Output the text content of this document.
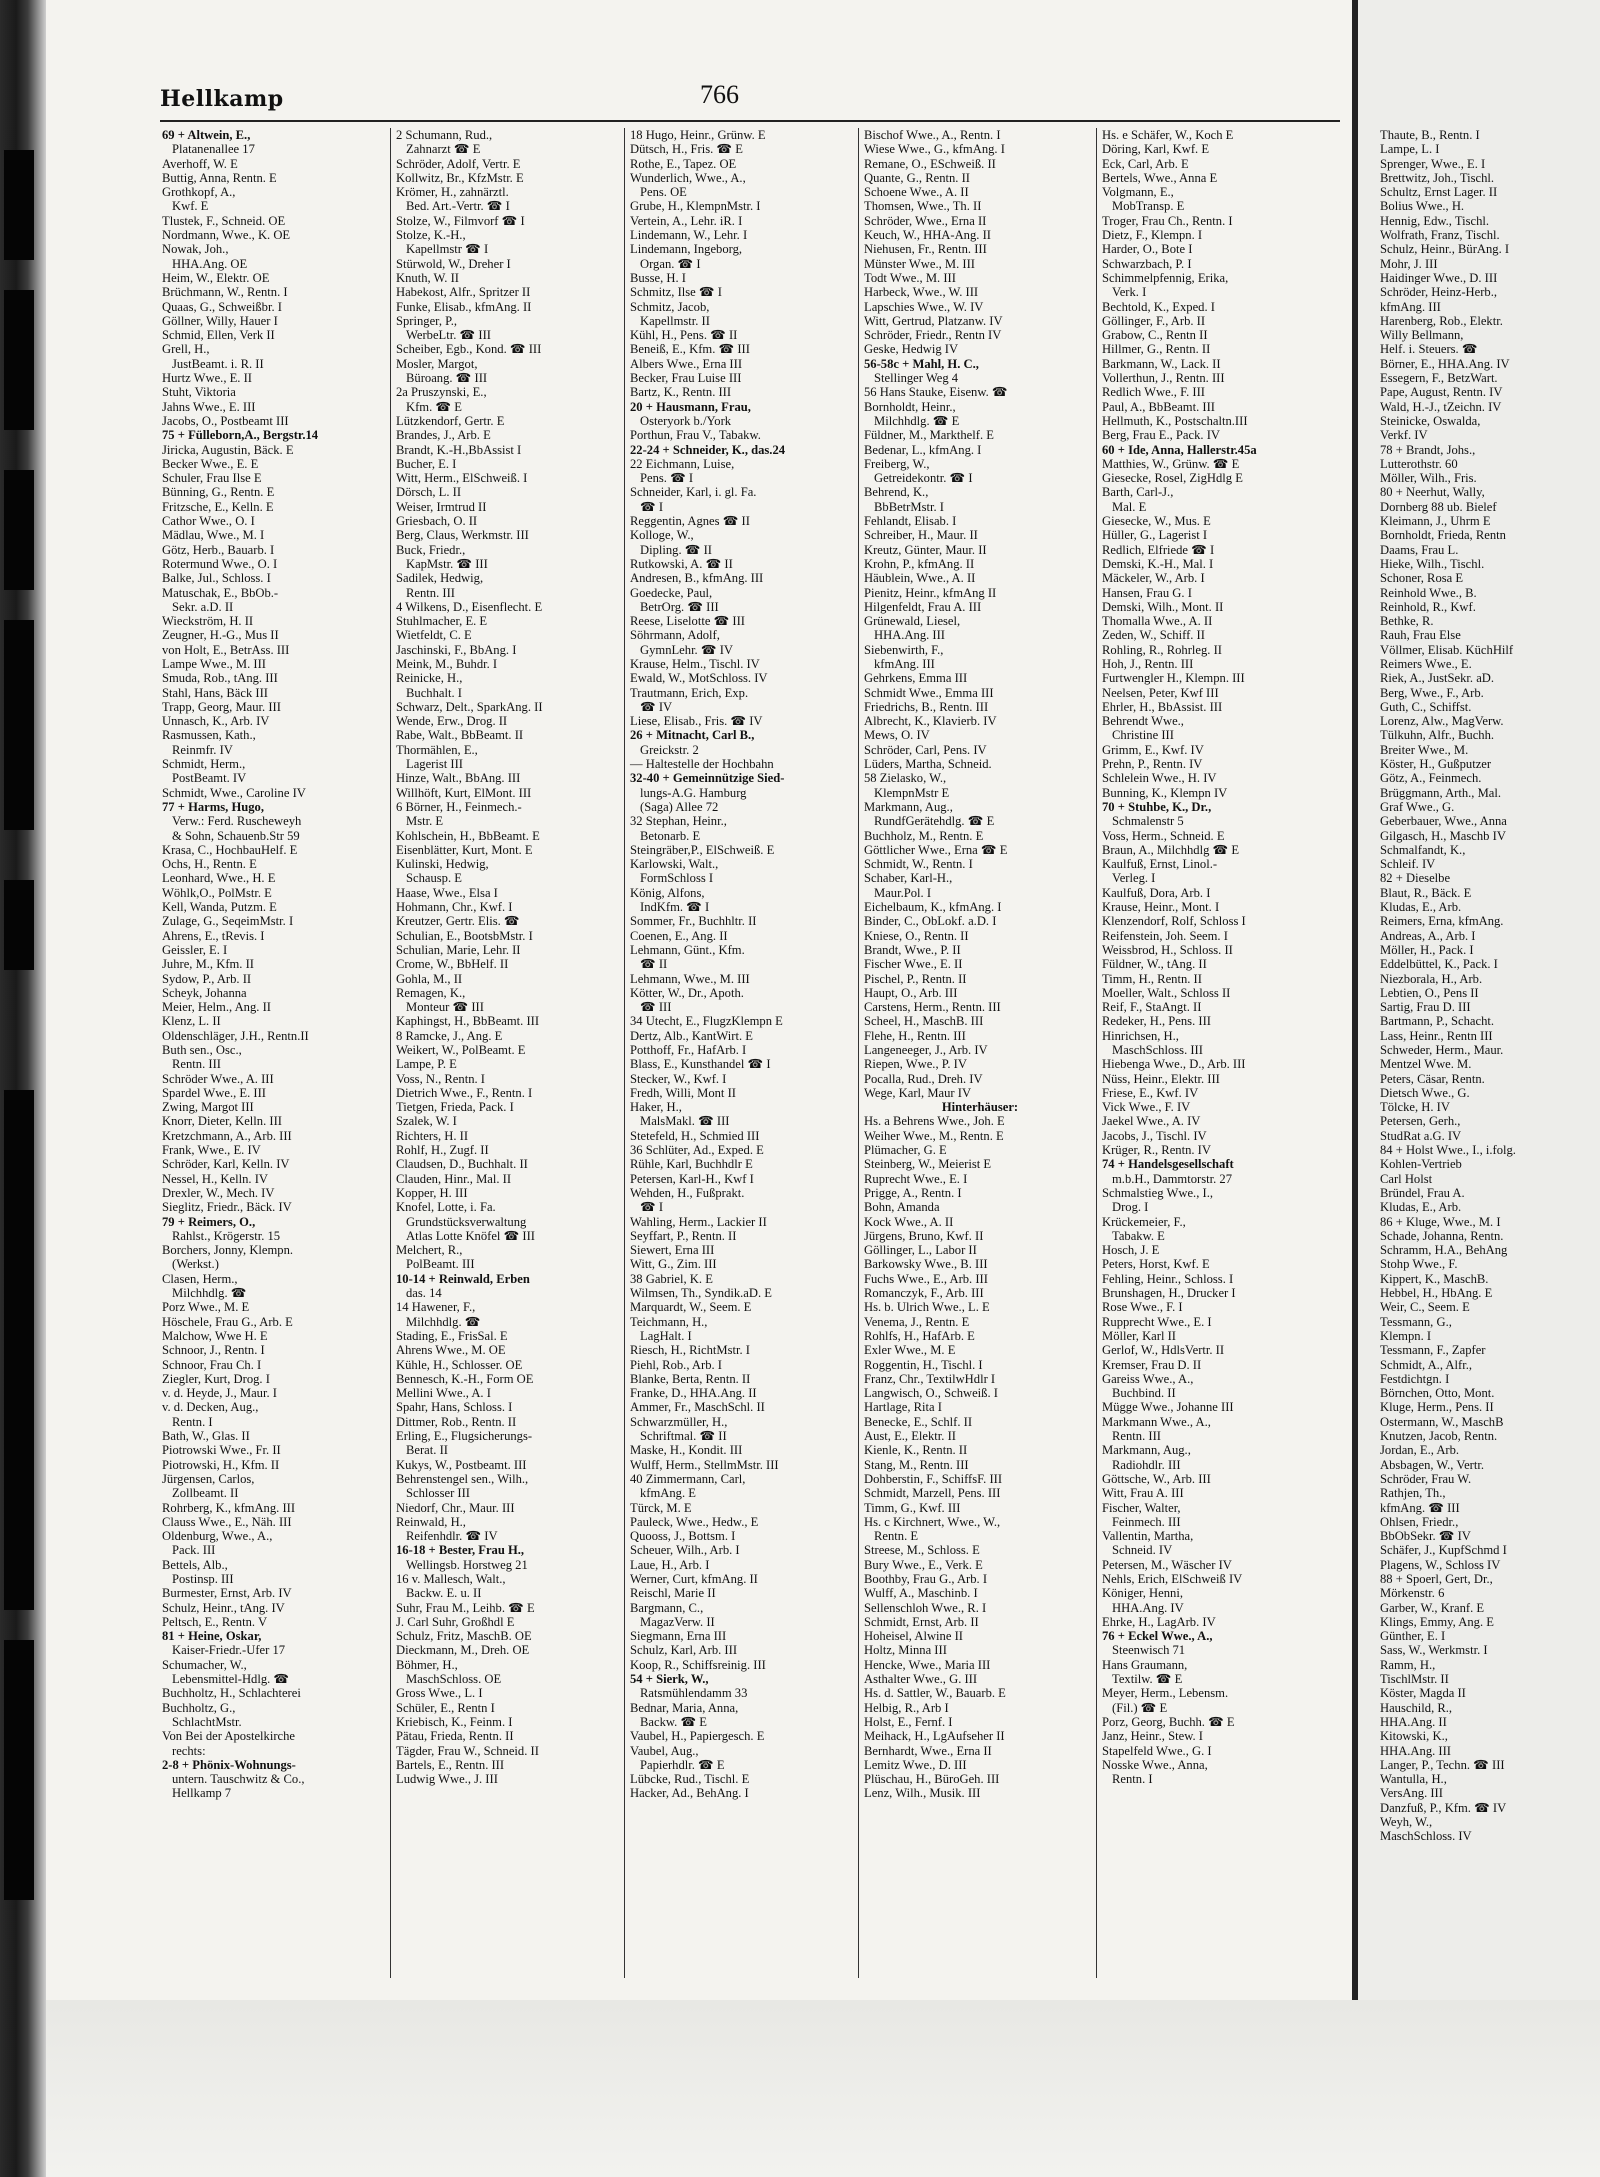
Hellkamp	766
69 + Altwein, E.,
Platanenallee 17
Averhoff, W. E
Buttig, Anna, Rentn. E
Grothkopf, A.,
Kwf. E
Tlustek, F., Schneid. OE
Nordmann, Wwe., K. OE
Nowak, Joh.,
HHA.Ang. OE
Heim, W., Elektr. OE
Brüchmann, W., Rentn. I
Quaas, G., Schweißbr. I
Göllner, Willy, Hauer I
Schmid, Ellen, Verk II
Grell, H.,
JustBeamt. i. R. II
Hurtz Wwe., E. II
Stuht, Viktoria
Jahns Wwe., E. III
Jacobs, O., Postbeamt III
75 + Fülleborn,A., Bergstr.14
Jiricka, Augustin, Bäck. E
Becker Wwe., E. E
Schuler, Frau Ilse E
Bünning, G., Rentn. E
Fritzsche, E., Kelln. E
Cathor Wwe., O. I
Mädlau, Wwe., M. I
Götz, Herb., Bauarb. I
Rotermund Wwe., O. I
Balke, Jul., Schloss. I
Matuschak, E., BbOb.-
Sekr. a.D. II
Wieckström, H. II
Zeugner, H.-G., Mus II
von Holt, E., BetrAss. III
Lampe Wwe., M. III
Smuda, Rob., tAng. III
Stahl, Hans, Bäck III
Trapp, Georg, Maur. III
Unnasch, K., Arb. IV
Rasmussen, Kath.,
Reinmfr. IV
Schmidt, Herm.,
PostBeamt. IV
Schmidt, Wwe., Caroline IV
77 + Harms, Hugo,
Verw.: Ferd. Ruscheweyh
& Sohn, Schauenb.Str 59
Krasa, C., HochbauHelf. E
Ochs, H., Rentn. E
Leonhard, Wwe., H. E
Wöhlk,O., PolMstr. E
Kell, Wanda, Putzm. E
Zulage, G., SeqeimMstr. I
Ahrens, E., tRevis. I
Geissler, E. I
Juhre, M., Kfm. II
Sydow, P., Arb. II
Scheyk, Johanna
Meier, Helm., Ang. II
Klenz, L. II
Oldenschläger, J.H., Rentn.II
Buth sen., Osc.,
Rentn. III
Schröder Wwe., A. III
Spardel Wwe., E. III
Zwing, Margot III
Knorr, Dieter, Kelln. III
Kretzchmann, A., Arb. III
Frank, Wwe., E. IV
Schröder, Karl, Kelln. IV
Nessel, H., Kelln. IV
Drexler, W., Mech. IV
Sieglitz, Friedr., Bäck. IV
79 + Reimers, O.,
Rahlst., Krögerstr. 15
Borchers, Jonny, Klempn.
(Werkst.)
Clasen, Herm.,
Milchhdlg. ☎
Porz Wwe., M. E
Höschele, Frau G., Arb. E
Malchow, Wwe H. E
Schnoor, J., Rentn. I
Schnoor, Frau Ch. I
Ziegler, Kurt, Drog. I
v. d. Heyde, J., Maur. I
v. d. Decken, Aug.,
Rentn. I
Bath, W., Glas. II
Piotrowski Wwe., Fr. II
Piotrowski, H., Kfm. II
Jürgensen, Carlos,
Zollbeamt. II
Rohrberg, K., kfmAng. III
Clauss Wwe., E., Näh. III
Oldenburg, Wwe., A.,
Pack. III
Bettels, Alb.,
Postinsp. III
Burmester, Ernst, Arb. IV
Schulz, Heinr., tAng. IV
Peltsch, E., Rentn. V
81 + Heine, Oskar,
Kaiser-Friedr.-Ufer 17
Schumacher, W.,
Lebensmittel-Hdlg. ☎
Buchholtz, H., Schlachterei
Buchholtz, G.,
SchlachtMstr.
Von Bei der Apostelkirche
rechts:
2-8 + Phönix-Wohnungs-
untern. Tauschwitz & Co.,
Hellkamp 7
2 Schumann, Rud.,
Zahnarzt ☎ E
Schröder, Adolf, Vertr. E
Kollwitz, Br., KfzMstr. E
Krömer, H., zahnärztl.
Bed. Art.-Vertr. ☎ I
Stolze, W., Filmvorf ☎ I
Stolze, K.-H.,
Kapellmstr ☎ I
Stürwold, W., Dreher I
Knuth, W. II
Habekost, Alfr., Spritzer II
Funke, Elisab., kfmAng. II
Springer, P.,
WerbeLtr. ☎ III
Scheiber, Egb., Kond. ☎ III
Mosler, Margot,
Büroang. ☎ III
2a Pruszynski, E.,
Kfm. ☎ E
Lützkendorf, Gertr. E
Brandes, J., Arb. E
Brandt, K.-H.,BbAssist I
Bucher, E. I
Witt, Herm., ElSchweiß. I
Dörsch, L. II
Weiser, Irmtrud II
Griesbach, O. II
Berg, Claus, Werkmstr. III
Buck, Friedr.,
KapMstr. ☎ III
Sadilek, Hedwig,
Rentn. III
4 Wilkens, D., Eisenflecht. E
Stuhlmacher, E. E
Wietfeldt, C. E
Jaschinski, F., BbAng. I
Meink, M., Buhdr. I
Reinicke, H.,
Buchhalt. I
Schwarz, Delt., SparkAng. II
Wende, Erw., Drog. II
Rabe, Walt., BbBeamt. II
Thormählen, E.,
Lagerist III
Hinze, Walt., BbAng. III
Willhöft, Kurt, ElMont. III
6 Börner, H., Feinmech.-
Mstr. E
Kohlschein, H., BbBeamt. E
Eisenblätter, Kurt, Mont. E
Kulinski, Hedwig,
Schausp. E
Haase, Wwe., Elsa I
Hohmann, Chr., Kwf. I
Kreutzer, Gertr. Elis. ☎
Schulian, E., BootsbMstr. I
Schulian, Marie, Lehr. II
Crome, W., BbHelf. II
Gohla, M., II
Remagen, K.,
Monteur ☎ III
Kaphingst, H., BbBeamt. III
8 Ramcke, J., Ang. E
Weikert, W., PolBeamt. E
Lampe, P. E
Voss, N., Rentn. I
Dietrich Wwe., F., Rentn. I
Tietgen, Frieda, Pack. I
Szalek, W. I
Richters, H. II
Rohlf, H., Zugf. II
Claudsen, D., Buchhalt. II
Clauden, Hinr., Mal. II
Kopper, H. III
Knofel, Lotte, i. Fa.
Grundstücksverwaltung
Atlas Lotte Knöfel ☎ III
Melchert, R.,
PolBeamt. III
10-14 + Reinwald, Erben
das. 14
14 Hawener, F.,
Milchhdlg. ☎
Stading, E., FrisSal. E
Ahrens Wwe., M. OE
Kühle, H., Schlosser. OE
Bennesch, K.-H., Form OE
Mellini Wwe., A. I
Spahr, Hans, Schloss. I
Dittmer, Rob., Rentn. II
Erling, E., Flugsicherungs-
Berat. II
Kukys, W., Postbeamt. III
Behrenstengel sen., Wilh.,
Schlosser III
Niedorf, Chr., Maur. III
Reinwald, H.,
Reifenhdlr. ☎ IV
16-18 + Bester, Frau H.,
Wellingsb. Horstweg 21
16 v. Mallesch, Walt.,
Backw. E. u. II
Suhr, Frau M., Leihb. ☎ E
J. Carl Suhr, Großhdl E
Schulz, Fritz, MaschB. OE
Dieckmann, M., Dreh. OE
Böhmer, H.,
MaschSchloss. OE
Gross Wwe., L. I
Schüler, E., Rentn I
Kriebisch, K., Feinm. I
Pätau, Frieda, Rentn. II
Tägder, Frau W., Schneid. II
Bartels, E., Rentn. III
Ludwig Wwe., J. III
18 Hugo, Heinr., Grünw. E
Dütsch, H., Fris. ☎ E
Rothe, E., Tapez. OE
Wunderlich, Wwe., A.,
Pens. OE
Grube, H., KlempnMstr. I
Vertein, A., Lehr. iR. I
Lindemann, W., Lehr. I
Lindemann, Ingeborg,
Organ. ☎ I
Busse, H. I
Schmitz, Ilse ☎ I
Schmitz, Jacob,
Kapellmstr. II
Kühl, H., Pens. ☎ II
Beneiß, E., Kfm. ☎ III
Albers Wwe., Erna III
Becker, Frau Luise III
Bartz, K., Rentn. III
20 + Hausmann, Frau,
Osteryork b./York
Porthun, Frau V., Tabakw.
22-24 + Schneider, K., das.24
22 Eichmann, Luise,
Pens. ☎ I
Schneider, Karl, i. gl. Fa.
☎ I
Reggentin, Agnes ☎ II
Kolloge, W.,
Dipling. ☎ II
Rutkowski, A. ☎ II
Andresen, B., kfmAng. III
Goedecke, Paul,
BetrOrg. ☎ III
Reese, Liselotte ☎ III
Söhrmann, Adolf,
GymnLehr. ☎ IV
Krause, Helm., Tischl. IV
Ewald, W., MotSchloss. IV
Trautmann, Erich, Exp.
☎ IV
Liese, Elisab., Fris. ☎ IV
26 + Mitnacht, Carl B.,
Greickstr. 2
— Haltestelle der Hochbahn
32-40 + Gemeinnützige Sied-
lungs-A.G. Hamburg
(Saga) Allee 72
32 Stephan, Heinr.,
Betonarb. E
Steingräber,P., ElSchweiß. E
Karlowski, Walt.,
FormSchloss I
König, Alfons,
IndKfm. ☎ I
Sommer, Fr., Buchhltr. II
Coenen, E., Ang. II
Lehmann, Günt., Kfm.
☎ II
Lehmann, Wwe., M. III
Kötter, W., Dr., Apoth.
☎ III
34 Utecht, E., FlugzKlempn E
Dertz, Alb., KantWirt. E
Potthoff, Fr., HafArb. I
Blass, E., Kunsthandel ☎ I
Stecker, W., Kwf. I
Fredh, Willi, Mont II
Haker, H.,
MalsMakl. ☎ III
Stetefeld, H., Schmied III
36 Schlüter, Ad., Exped. E
Rühle, Karl, Buchhdlr E
Petersen, Karl-H., Kwf I
Wehden, H., Fußprakt.
☎ I
Wahling, Herm., Lackier II
Seyffart, P., Rentn. II
Siewert, Erna III
Witt, G., Zim. III
38 Gabriel, K. E
Wilmsen, Th., Syndik.aD. E
Marquardt, W., Seem. E
Teichmann, H.,
LagHalt. I
Riesch, H., RichtMstr. I
Piehl, Rob., Arb. I
Blanke, Berta, Rentn. II
Franke, D., HHA.Ang. II
Ammer, Fr., MaschSchl. II
Schwarzmüller, H.,
Schriftmal. ☎ II
Maske, H., Kondit. III
Wulff, Herm., StellmMstr. III
40 Zimmermann, Carl,
kfmAng. E
Türck, M. E
Pauleck, Wwe., Hedw., E
Quooss, J., Bottsm. I
Scheuer, Wilh., Arb. I
Laue, H., Arb. I
Werner, Curt, kfmAng. II
Reischl, Marie II
Bargmann, C.,
MagazVerw. II
Siegmann, Erna III
Schulz, Karl, Arb. III
Koop, R., Schiffsreinig. III
54 + Sierk, W.,
Ratsmühlendamm 33
Bednar, Maria, Anna,
Backw. ☎ E
Vaubel, H., Papiergesch. E
Vaubel, Aug.,
Papierhdlr. ☎ E
Lübcke, Rud., Tischl. E
Hacker, Ad., BehAng. I
Bischof Wwe., A., Rentn. I
Wiese Wwe., G., kfmAng. I
Remane, O., ESchweiß. II
Quante, G., Rentn. II
Schoene Wwe., A. II
Thomsen, Wwe., Th. II
Schröder, Wwe., Erna II
Keuch, W., HHA-Ang. II
Niehusen, Fr., Rentn. III
Münster Wwe., M. III
Todt Wwe., M. III
Harbeck, Wwe., W. III
Lapschies Wwe., W. IV
Witt, Gertrud, Platzanw. IV
Schröder, Friedr., Rentn IV
Geske, Hedwig IV
56-58c + Mahl, H. C.,
Stellinger Weg 4
56 Hans Stauke, Eisenw. ☎
Bornholdt, Heinr.,
Milchhdlg. ☎ E
Füldner, M., Markthelf. E
Bedenar, L., kfmAng. I
Freiberg, W.,
Getreidekontr. ☎ I
Behrend, K.,
BbBetrMstr. I
Fehlandt, Elisab. I
Schreiber, H., Maur. II
Kreutz, Günter, Maur. II
Krohn, P., kfmAng. II
Häublein, Wwe., A. II
Pienitz, Heinr., kfmAng II
Hilgenfeldt, Frau A. III
Grünewald, Liesel,
HHA.Ang. III
Siebenwirth, F.,
kfmAng. III
Gehrkens, Emma III
Schmidt Wwe., Emma III
Friedrichs, B., Rentn. III
Albrecht, K., Klavierb. IV
Mews, O. IV
Schröder, Carl, Pens. IV
Lüders, Martha, Schneid.
58 Zielasko, W.,
KlempnMstr E
Markmann, Aug.,
RundfGerätehdlg. ☎ E
Buchholz, M., Rentn. E
Göttlicher Wwe., Erna ☎ E
Schmidt, W., Rentn. I
Schaber, Karl-H.,
Maur.Pol. I
Eichelbaum, K., kfmAng. I
Binder, C., ObLokf. a.D. I
Kniese, O., Rentn. II
Brandt, Wwe., P. II
Fischer Wwe., E. II
Pischel, P., Rentn. II
Haupt, O., Arb. III
Carstens, Herm., Rentn. III
Scheel, H., MaschB. III
Flehe, H., Rentn. III
Langeneeger, J., Arb. IV
Riepen, Wwe., P. IV
Pocalla, Rud., Dreh. IV
Wege, Karl, Maur IV
Hinterhäuser:
Hs. a Behrens Wwe., Joh. E
Weiher Wwe., M., Rentn. E
Plümacher, G. E
Steinberg, W., Meierist E
Ruprecht Wwe., E. I
Prigge, A., Rentn. I
Bohn, Amanda
Kock Wwe., A. II
Jürgens, Bruno, Kwf. II
Göllinger, L., Labor II
Barkowsky Wwe., B. III
Fuchs Wwe., E., Arb. III
Romanczyk, F., Arb. III
Hs. b. Ulrich Wwe., L. E
Venema, J., Rentn. E
Rohlfs, H., HafArb. E
Exler Wwe., M. E
Roggentin, H., Tischl. I
Franz, Chr., TextilwHdlr I
Langwisch, O., Schweiß. I
Hartlage, Rita I
Benecke, E., Schlf. II
Aust, E., Elektr. II
Kienle, K., Rentn. II
Stang, M., Rentn. III
Dohberstin, F., SchiffsF. III
Schmidt, Marzell, Pens. III
Timm, G., Kwf. III
Hs. c Kirchnert, Wwe., W.,
Rentn. E
Streese, M., Schloss. E
Bury Wwe., E., Verk. E
Boothby, Frau G., Arb. I
Wulff, A., Maschinb. I
Sellenschloh Wwe., R. I
Schmidt, Ernst, Arb. II
Hoheisel, Alwine II
Holtz, Minna III
Hencke, Wwe., Maria III
Asthalter Wwe., G. III
Hs. d. Sattler, W., Bauarb. E
Helbig, R., Arb I
Holst, E., Fernf. I
Meihack, H., LgAufseher II
Bernhardt, Wwe., Erna II
Lemitz Wwe., D. III
Plüschau, H., BüroGeh. III
Lenz, Wilh., Musik. III
Hs. e Schäfer, W., Koch E
Döring, Karl, Kwf. E
Eck, Carl, Arb. E
Bertels, Wwe., Anna E
Volgmann, E.,
MobTransp. E
Troger, Frau Ch., Rentn. I
Dietz, F., Klempn. I
Harder, O., Bote I
Schwarzbach, P. I
Schimmelpfennig, Erika,
Verk. I
Bechtold, K., Exped. I
Göllinger, F., Arb. II
Grabow, C., Rentn II
Hillmer, G., Rentn. II
Barkmann, W., Lack. II
Vollerthun, J., Rentn. III
Redlich Wwe., F. III
Paul, A., BbBeamt. III
Hellmuth, K., Postschaltn.III
Berg, Frau E., Pack. IV
60 + Ide, Anna, Hallerstr.45a
Matthies, W., Grünw. ☎ E
Giesecke, Rosel, ZigHdlg E
Barth, Carl-J.,
Mal. E
Giesecke, W., Mus. E
Hüller, G., Lagerist I
Redlich, Elfriede ☎ I
Demski, K.-H., Mal. I
Mäckeler, W., Arb. I
Hansen, Frau G. I
Demski, Wilh., Mont. II
Thomalla Wwe., A. II
Zeden, W., Schiff. II
Rohling, R., Rohrleg. II
Hoh, J., Rentn. III
Furtwengler H., Klempn. III
Neelsen, Peter, Kwf III
Ehrler, H., BbAssist. III
Behrendt Wwe.,
Christine III
Grimm, E., Kwf. IV
Prehn, P., Rentn. IV
Schlelein Wwe., H. IV
Bunning, K., Klempn IV
70 + Stuhbe, K., Dr.,
Schmalenstr 5
Voss, Herm., Schneid. E
Braun, A., Milchhdlg ☎ E
Kaulfuß, Ernst, Linol.-
Verleg. I
Kaulfuß, Dora, Arb. I
Krause, Heinr., Mont. I
Klenzendorf, Rolf, Schloss I
Reifenstein, Joh. Seem. I
Weissbrod, H., Schloss. II
Füldner, W., tAng. II
Timm, H., Rentn. II
Moeller, Walt., Schloss II
Reif, F., StaAngt. II
Redeker, H., Pens. III
Hinrichsen, H.,
MaschSchloss. III
Hiebenga Wwe., D., Arb. III
Nüss, Heinr., Elektr. III
Friese, E., Kwf. IV
Vick Wwe., F. IV
Jaekel Wwe., A. IV
Jacobs, J., Tischl. IV
Krüger, R., Rentn. IV
74 + Handelsgesellschaft
m.b.H., Dammtorstr. 27
Schmalstieg Wwe., I.,
Drog. I
Krückemeier, F.,
Tabakw. E
Hosch, J. E
Peters, Horst, Kwf. E
Fehling, Heinr., Schloss. I
Brunshagen, H., Drucker I
Rose Wwe., F. I
Rupprecht Wwe., E. I
Möller, Karl II
Gerlof, W., HdlsVertr. II
Kremser, Frau D. II
Gareiss Wwe., A.,
Buchbind. II
Mügge Wwe., Johanne III
Markmann Wwe., A.,
Rentn. III
Markmann, Aug.,
Radiohdlr. III
Göttsche, W., Arb. III
Witt, Frau A. III
Fischer, Walter,
Feinmech. III
Vallentin, Martha,
Schneid. IV
Petersen, M., Wäscher IV
Nehls, Erich, ElSchweiß IV
Königer, Henni,
HHA.Ang. IV
Ehrke, H., LagArb. IV
76 + Eckel Wwe., A.,
Steenwisch 71
Hans Graumann,
Textilw. ☎ E
Meyer, Herm., Lebensm.
(Fil.) ☎ E
Porz, Georg, Buchh. ☎ E
Janz, Heinr., Stew. I
Stapelfeld Wwe., G. I
Nosske Wwe., Anna,
Rentn. I
Thaute, B., Rentn. I
Lampe, L. I
Sprenger, Wwe., E. I
Brettwitz, Joh., Tischl.
Schultz, Ernst Lager. II
Bolius Wwe., H.
Hennig, Edw., Tischl.
Wolfrath, Franz, Tischl.
Schulz, Heinr., BürAng. I
Mohr, J. III
Haidinger Wwe., D. III
Schröder, Heinz-Herb.,
kfmAng. III
Harenberg, Rob., Elektr.
Willy Bellmann,
Helf. i. Steuers. ☎
Börner, E., HHA.Ang. IV
Essegern, F., BetzWart.
Pape, August, Rentn. IV
Wald, H.-J., tZeichn. IV
Steinicke, Oswalda,
Verkf. IV
78 + Brandt, Johs.,
Lutterothstr. 60
Möller, Wilh., Fris.
80 + Neerhut, Wally,
Dornberg 88 ub. Bielef
Kleimann, J., Uhrm E
Bornholdt, Frieda, Rentn
Daams, Frau L.
Hieke, Wilh., Tischl.
Schoner, Rosa E
Reinhold Wwe., B.
Reinhold, R., Kwf.
Bethke, R.
Rauh, Frau Else
Völlmer, Elisab. KüchHilf
Reimers Wwe., E.
Riek, A., JustSekr. aD.
Berg, Wwe., F., Arb.
Guth, C., Schiffst.
Lorenz, Alw., MagVerw.
Tülkuhn, Alfr., Buchh.
Breiter Wwe., M.
Köster, H., Gußputzer
Götz, A., Feinmech.
Brüggmann, Arth., Mal.
Graf Wwe., G.
Geberbauer, Wwe., Anna
Gilgasch, H., Maschb IV
Schmalfandt, K.,
Schleif. IV
82 + Dieselbe
Blaut, R., Bäck. E
Kludas, E., Arb.
Reimers, Erna, kfmAng.
Andreas, A., Arb. I
Möller, H., Pack. I
Eddelbüttel, K., Pack. I
Niezborala, H., Arb.
Lebtien, O., Pens II
Sartig, Frau D. III
Bartmann, P., Schacht.
Lass, Heinr., Rentn III
Schweder, Herm., Maur.
Mentzel Wwe. M.
Peters, Cäsar, Rentn.
Dietsch Wwe., G.
Tölcke, H. IV
Petersen, Gerh.,
StudRat a.G. IV
84 + Holst Wwe., I., i.folg.
Kohlen-Vertrieb
Carl Holst
Bründel, Frau A.
Kludas, E., Arb.
86 + Kluge, Wwe., M. I
Schade, Johanna, Rentn.
Schramm, H.A., BehAng
Stohp Wwe., F.
Kippert, K., MaschB.
Hebbel, H., HbAng. E
Weir, C., Seem. E
Tessmann, G.,
Klempn. I
Tessmann, F., Zapfer
Schmidt, A., Alfr.,
Festdichtgn. I
Börnchen, Otto, Mont.
Kluge, Herm., Pens. II
Ostermann, W., MaschB
Knutzen, Jacob, Rentn.
Jordan, E., Arb.
Absbagen, W., Vertr.
Schröder, Frau W.
Rathjen, Th.,
kfmAng. ☎ III
Ohlsen, Friedr.,
BbObSekr. ☎ IV
Schäfer, J., KupfSchmd I
Plagens, W., Schloss IV
88 + Spoerl, Gert, Dr.,
Mörkenstr. 6
Garber, W., Kranf. E
Klings, Emmy, Ang. E
Günther, E. I
Sass, W., Werkmstr. I
Ramm, H.,
TischlMstr. II
Köster, Magda II
Hauschild, R.,
HHA.Ang. II
Kitowski, K.,
HHA.Ang. III
Langer, P., Techn. ☎ III
Wantulla, H.,
VersAng. III
Danzfuß, P., Kfm. ☎ IV
Weyh, W.,
MaschSchloss. IV
